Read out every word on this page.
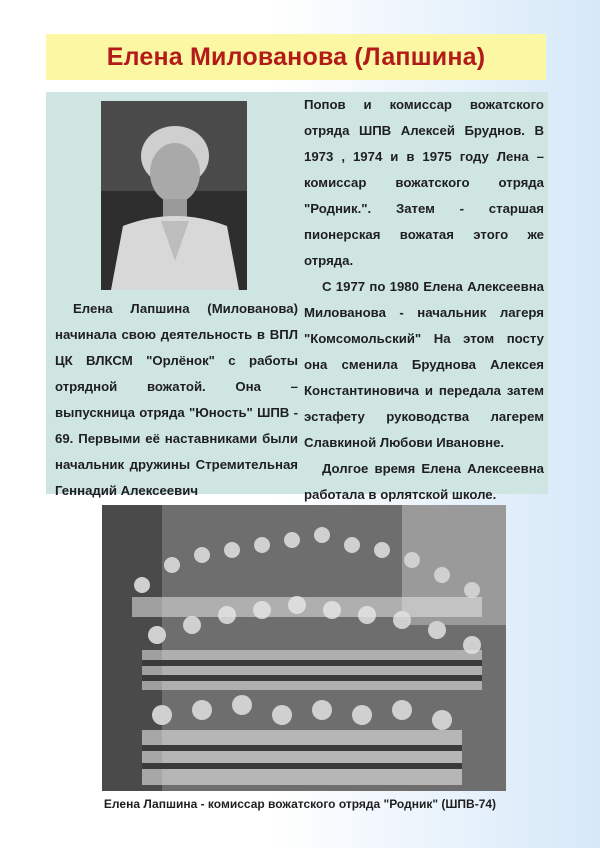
Елена Милованова (Лапшина)

Елена Лапшина (Милованова) начинала свою деятельность в ВПЛ ЦК ВЛКСМ "Орлёнок" с работы отрядной вожатой. Она – выпускница отряда "Юность" ШПВ - 69. Первыми её наставниками были начальник дружины Стремительная Геннадий Алексеевич

Попов и комиссар вожатского отряда ШПВ Алексей Бруднов. В 1973 , 1974 и в 1975 году Лена – комиссар вожатского отряда "Родник.". Затем - старшая пионерская вожатая этого же отряда.

С 1977 по 1980 Елена Алексеевна Милованова - начальник лагеря "Комсомольский" На этом посту она сменила Бруднова Алексея Константиновича и передала затем эстафету руководства лагерем Славкиной Любови Ивановне.

Долгое время Елена Алексеевна работала в орлятской школе.

Елена Лапшина - комиссар вожатского отряда "Родник" (ШПВ-74)
